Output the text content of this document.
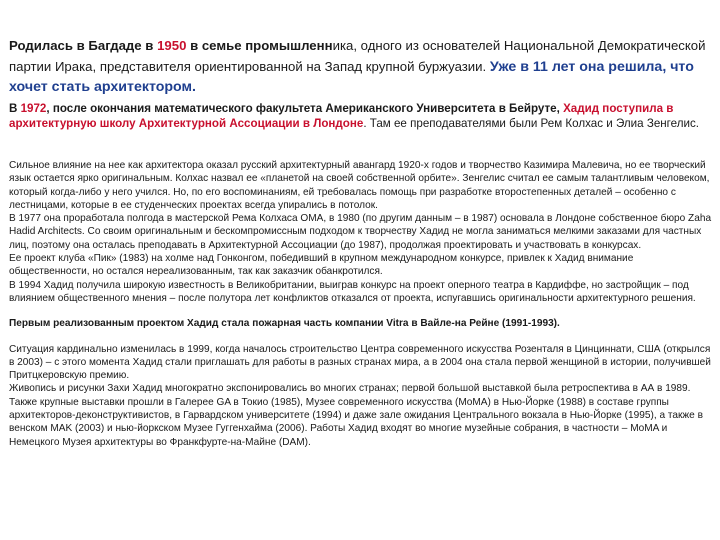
Родилась в Багдаде в 1950 в семье промышленника, одного из основателей Национальной Демократической партии Ирака, представителя ориентированной на Запад крупной буржуазии. Уже в 11 лет она решила, что хочет стать архитектором.

В 1972, после окончания математического факультета Американского Университета в Бейруте, Хадид поступила в архитектурную школу Архитектурной Ассоциации в Лондоне. Там ее преподавателями были Рем Колхас и Элиа Зенгелис.

Сильное влияние на нее как архитектора оказал русский архитектурный авангард 1920-х годов и творчество Казимира Малевича, но ее творческий язык остается ярко оригинальным. Колхас назвал ее «планетой на своей собственной орбите». Зенгелис считал ее самым талантливым человеком, который когда-либо у него учился. Но, по его воспоминаниям, ей требовалась помощь при разработке второстепенных деталей – особенно с лестницами, которые в ее студенческих проектах всегда упирались в потолок.

В 1977 она проработала полгода в мастерской Рема Колхаса OMA, в 1980 (по другим данным – в 1987) основала в Лондоне собственное бюро Zaha Hadid Architects. Со своим оригинальным и бескомпромиссным подходом к творчеству Хадид не могла заниматься мелкими заказами для частных лиц, поэтому она осталась преподавать в Архитектурной Ассоциации (до 1987), продолжая проектировать и участвовать в конкурсах.

Ее проект клуба «Пик» (1983) на холме над Гонконгом, победивший в крупном международном конкурсе, привлек к Хадид внимание общественности, но остался нереализованным, так как заказчик обанкротился.

В 1994 Хадид получила широкую известность в Великобритании, выиграв конкурс на проект оперного театра в Кардиффе, но застройщик – под влиянием общественного мнения – после полутора лет конфликтов отказался от проекта, испугавшись оригинальности архитектурного решения.

Первым реализованным проектом Хадид стала пожарная часть компании Vitra в Вайле-на Рейне (1991-1993).

Ситуация кардинально изменилась в 1999, когда началось строительство Центра современного искусства Розенталя в Цинциннати, США (открылся в 2003) – с этого момента Хадид стали приглашать для работы в разных странах мира, а в 2004 она стала первой женщиной в истории, получившей Притцкеровскую премию.

Живопись и рисунки Захи Хадид многократно экспонировались во многих странах; первой большой выставкой была ретроспектива в АА в 1989. Также крупные выставки прошли в Галерее GA в Токио (1985), Музее современного искусства (MoMA) в Нью-Йорке (1988) в составе группы архитекторов-деконструктивистов, в Гарвардском университете (1994) и даже зале ожидания Центрального вокзала в Нью-Йорке (1995), а также в венском MAK (2003) и нью-йоркском Музее Гуггенхайма (2006). Работы Хадид входят во многие музейные собрания, в частности – MoMA и Немецкого Музея архитектуры во Франкфурте-на-Майне (DAM).
